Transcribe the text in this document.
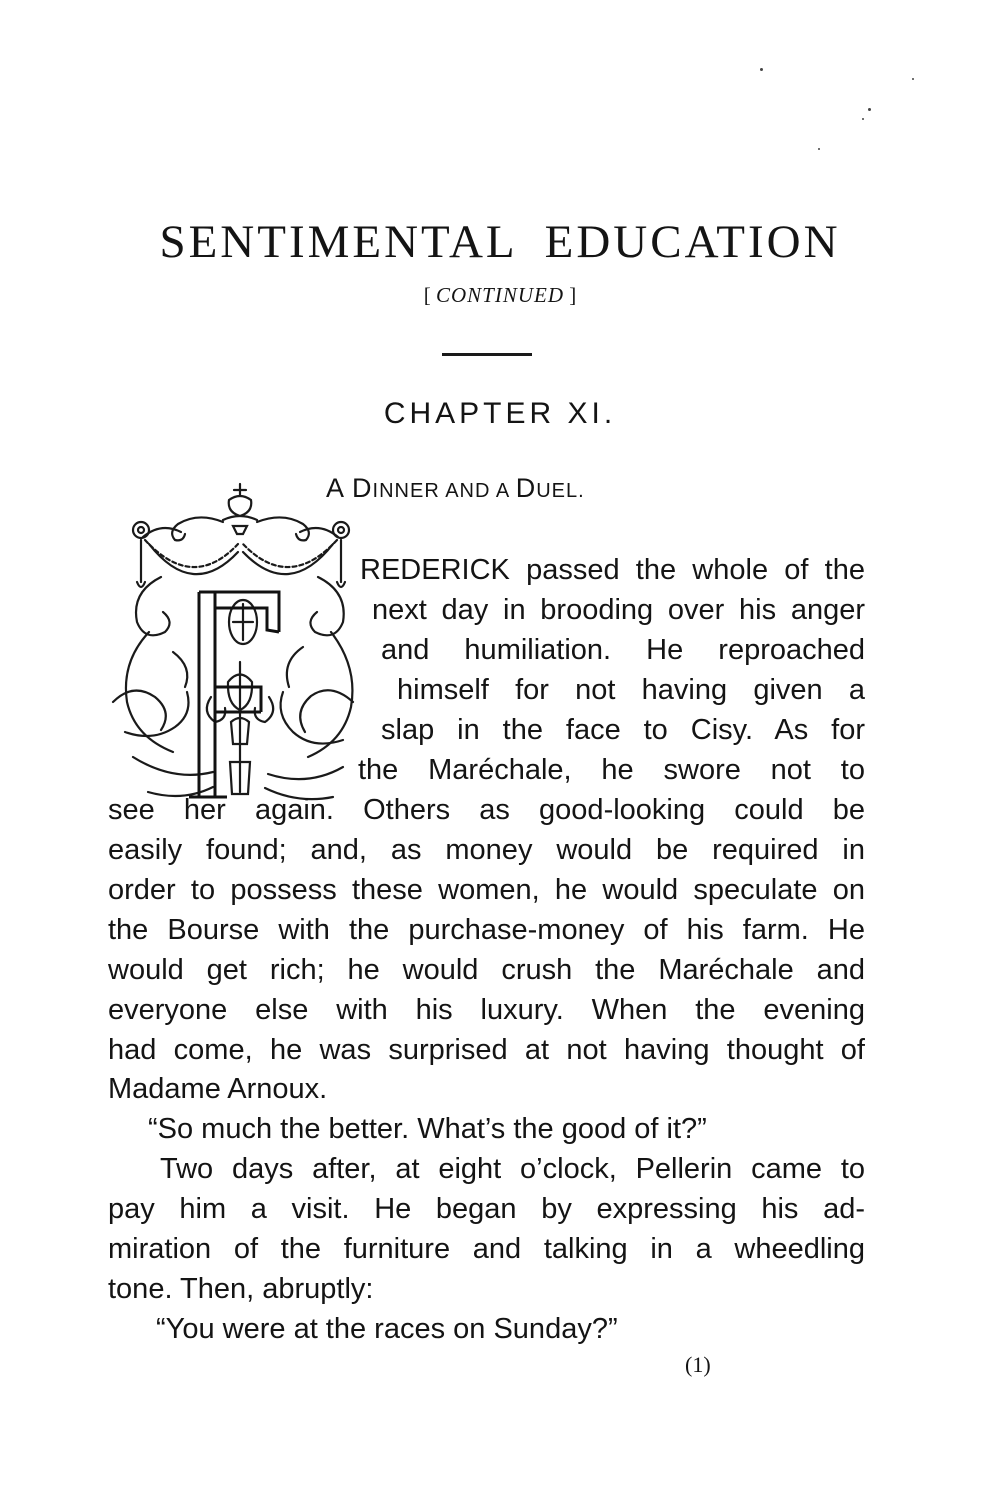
SENTIMENTAL EDUCATION
[ CONTINUED ]
CHAPTER XI.
A DINNER AND A DUEL.
F
REDERICK passed the whole of the
next day in brooding over his anger
and humiliation. He reproached
himself for not having given a
slap in the face to Cisy. As for
the Maréchale, he swore not to
see her again. Others as good-looking could be
easily found; and, as money would be required in
order to possess these women, he would speculate on
the Bourse with the purchase-money of his farm. He
would get rich; he would crush the Maréchale and
everyone else with his luxury. When the evening
had come, he was surprised at not having thought of
Madame Arnoux.
“So much the better. What’s the good of it?”
Two days after, at eight o’clock, Pellerin came to
pay him a visit. He began by expressing his ad-
miration of the furniture and talking in a wheedling
tone. Then, abruptly:
“You were at the races on Sunday?”
(1)
